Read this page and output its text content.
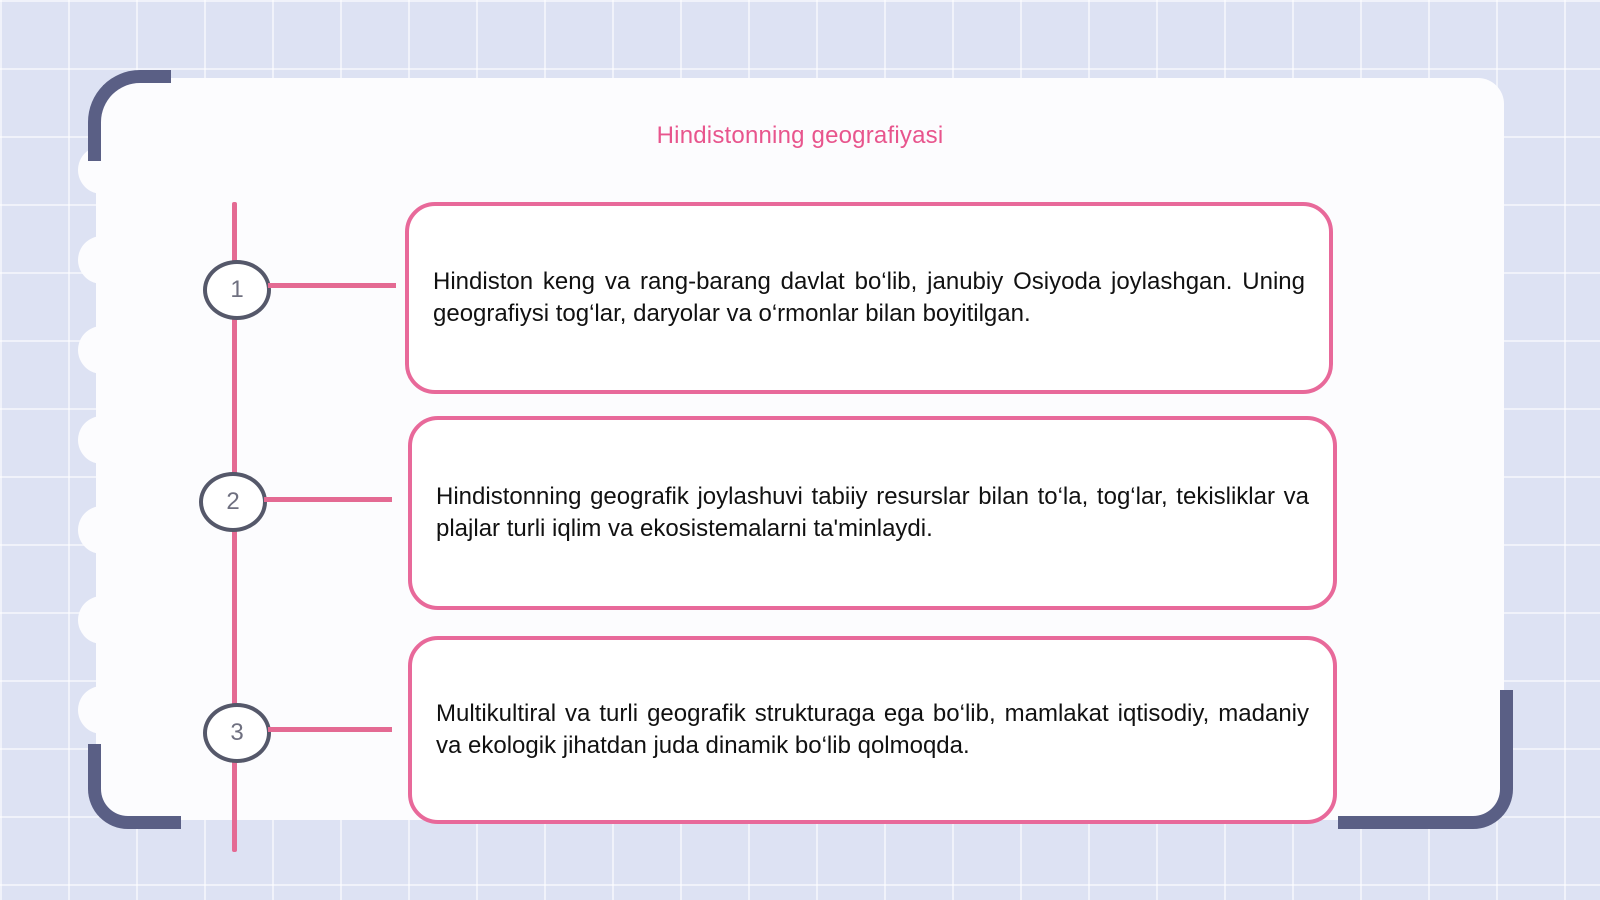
Hindistonning geografiyasi
1	Hindiston keng va rang-barang davlat bo‘lib, janubiy Osiyoda joylashgan. Uning geografiysi tog‘lar, daryolar va o‘rmonlar bilan boyitilgan.

2	Hindistonning geografik joylashuvi tabiiy resurslar bilan to‘la, tog‘lar, tekisliklar va plajlar turli iqlim va ekosistemalarni ta'minlaydi.

3

Multikultiral va turli geografik strukturaga ega bo‘lib, mamlakat iqtisodiy, madaniy va ekologik jihatdan juda dinamik bo‘lib qolmoqda.
